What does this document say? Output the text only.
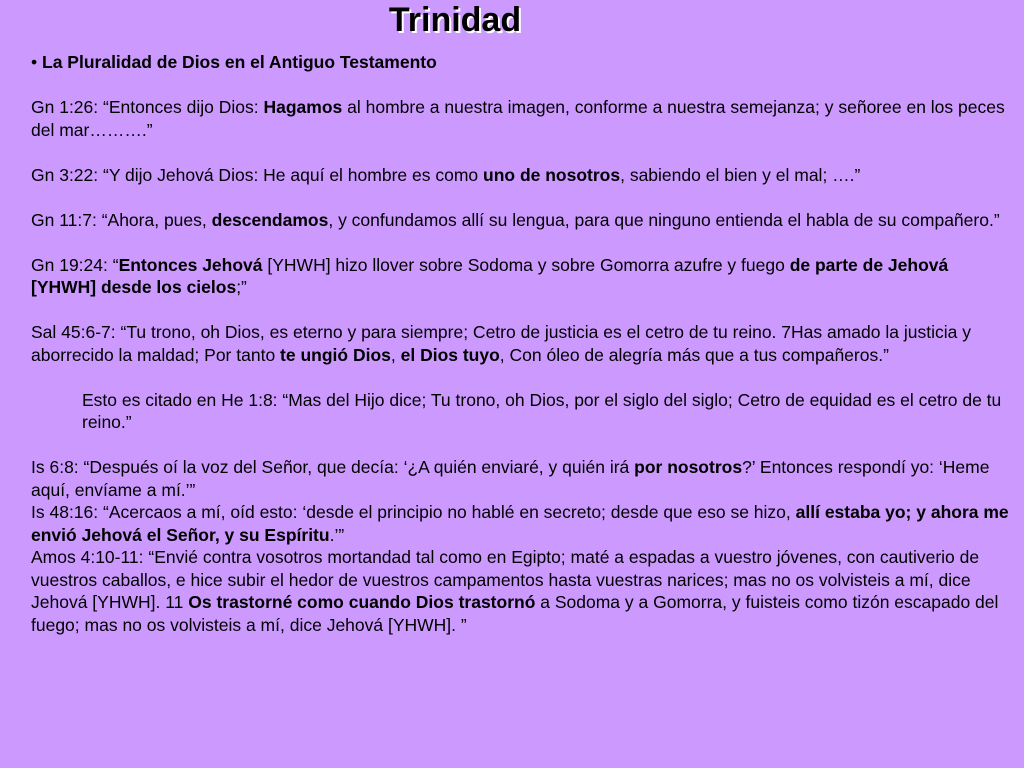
Trinidad

• La Pluralidad de Dios en el Antiguo Testamento

Gn 1:26: “Entonces dijo Dios: Hagamos al hombre a nuestra imagen, conforme a nuestra semejanza; y señoree en los peces del mar……….”

Gn 3:22: “Y dijo Jehová Dios: He aquí el hombre es como uno de nosotros, sabiendo el bien y el mal; ….”

Gn 11:7: “Ahora, pues, descendamos, y confundamos allí su lengua, para que ninguno entienda el habla de su compañero.”

Gn 19:24: “Entonces Jehová [YHWH] hizo llover sobre Sodoma y sobre Gomorra azufre y fuego de parte de Jehová [YHWH] desde los cielos;”

Sal 45:6-7: “Tu trono, oh Dios, es eterno y para siempre; Cetro de justicia es el cetro de tu reino. 7Has amado la justicia y aborrecido la maldad; Por tanto te ungió Dios, el Dios tuyo, Con óleo de alegría más que a tus compañeros.”

Esto es citado en He 1:8: “Mas del Hijo dice; Tu trono, oh Dios, por el siglo del siglo; Cetro de equidad es el cetro de tu reino.”

Is 6:8: “Después oí la voz del Señor, que decía: ‘¿A quién enviaré, y quién irá por nosotros?’ Entonces respondí yo: ‘Heme aquí, envíame a mí.’”

Is 48:16: “Acercaos a mí, oíd esto: ‘desde el principio no hablé en secreto; desde que eso se hizo, allí estaba yo; y ahora me envió Jehová el Señor, y su Espíritu.’”

Amos 4:10-11: “Envié contra vosotros mortandad tal como en Egipto; maté a espadas a vuestro jóvenes, con cautiverio de vuestros caballos, e hice subir el hedor de vuestros campamentos hasta vuestras narices; mas no os volvisteis a mí, dice Jehová [YHWH]. 11 Os trastorné como cuando Dios trastornó a Sodoma y a Gomorra, y fuisteis como tizón escapado del fuego; mas no os volvisteis a mí, dice Jehová [YHWH]. ”
